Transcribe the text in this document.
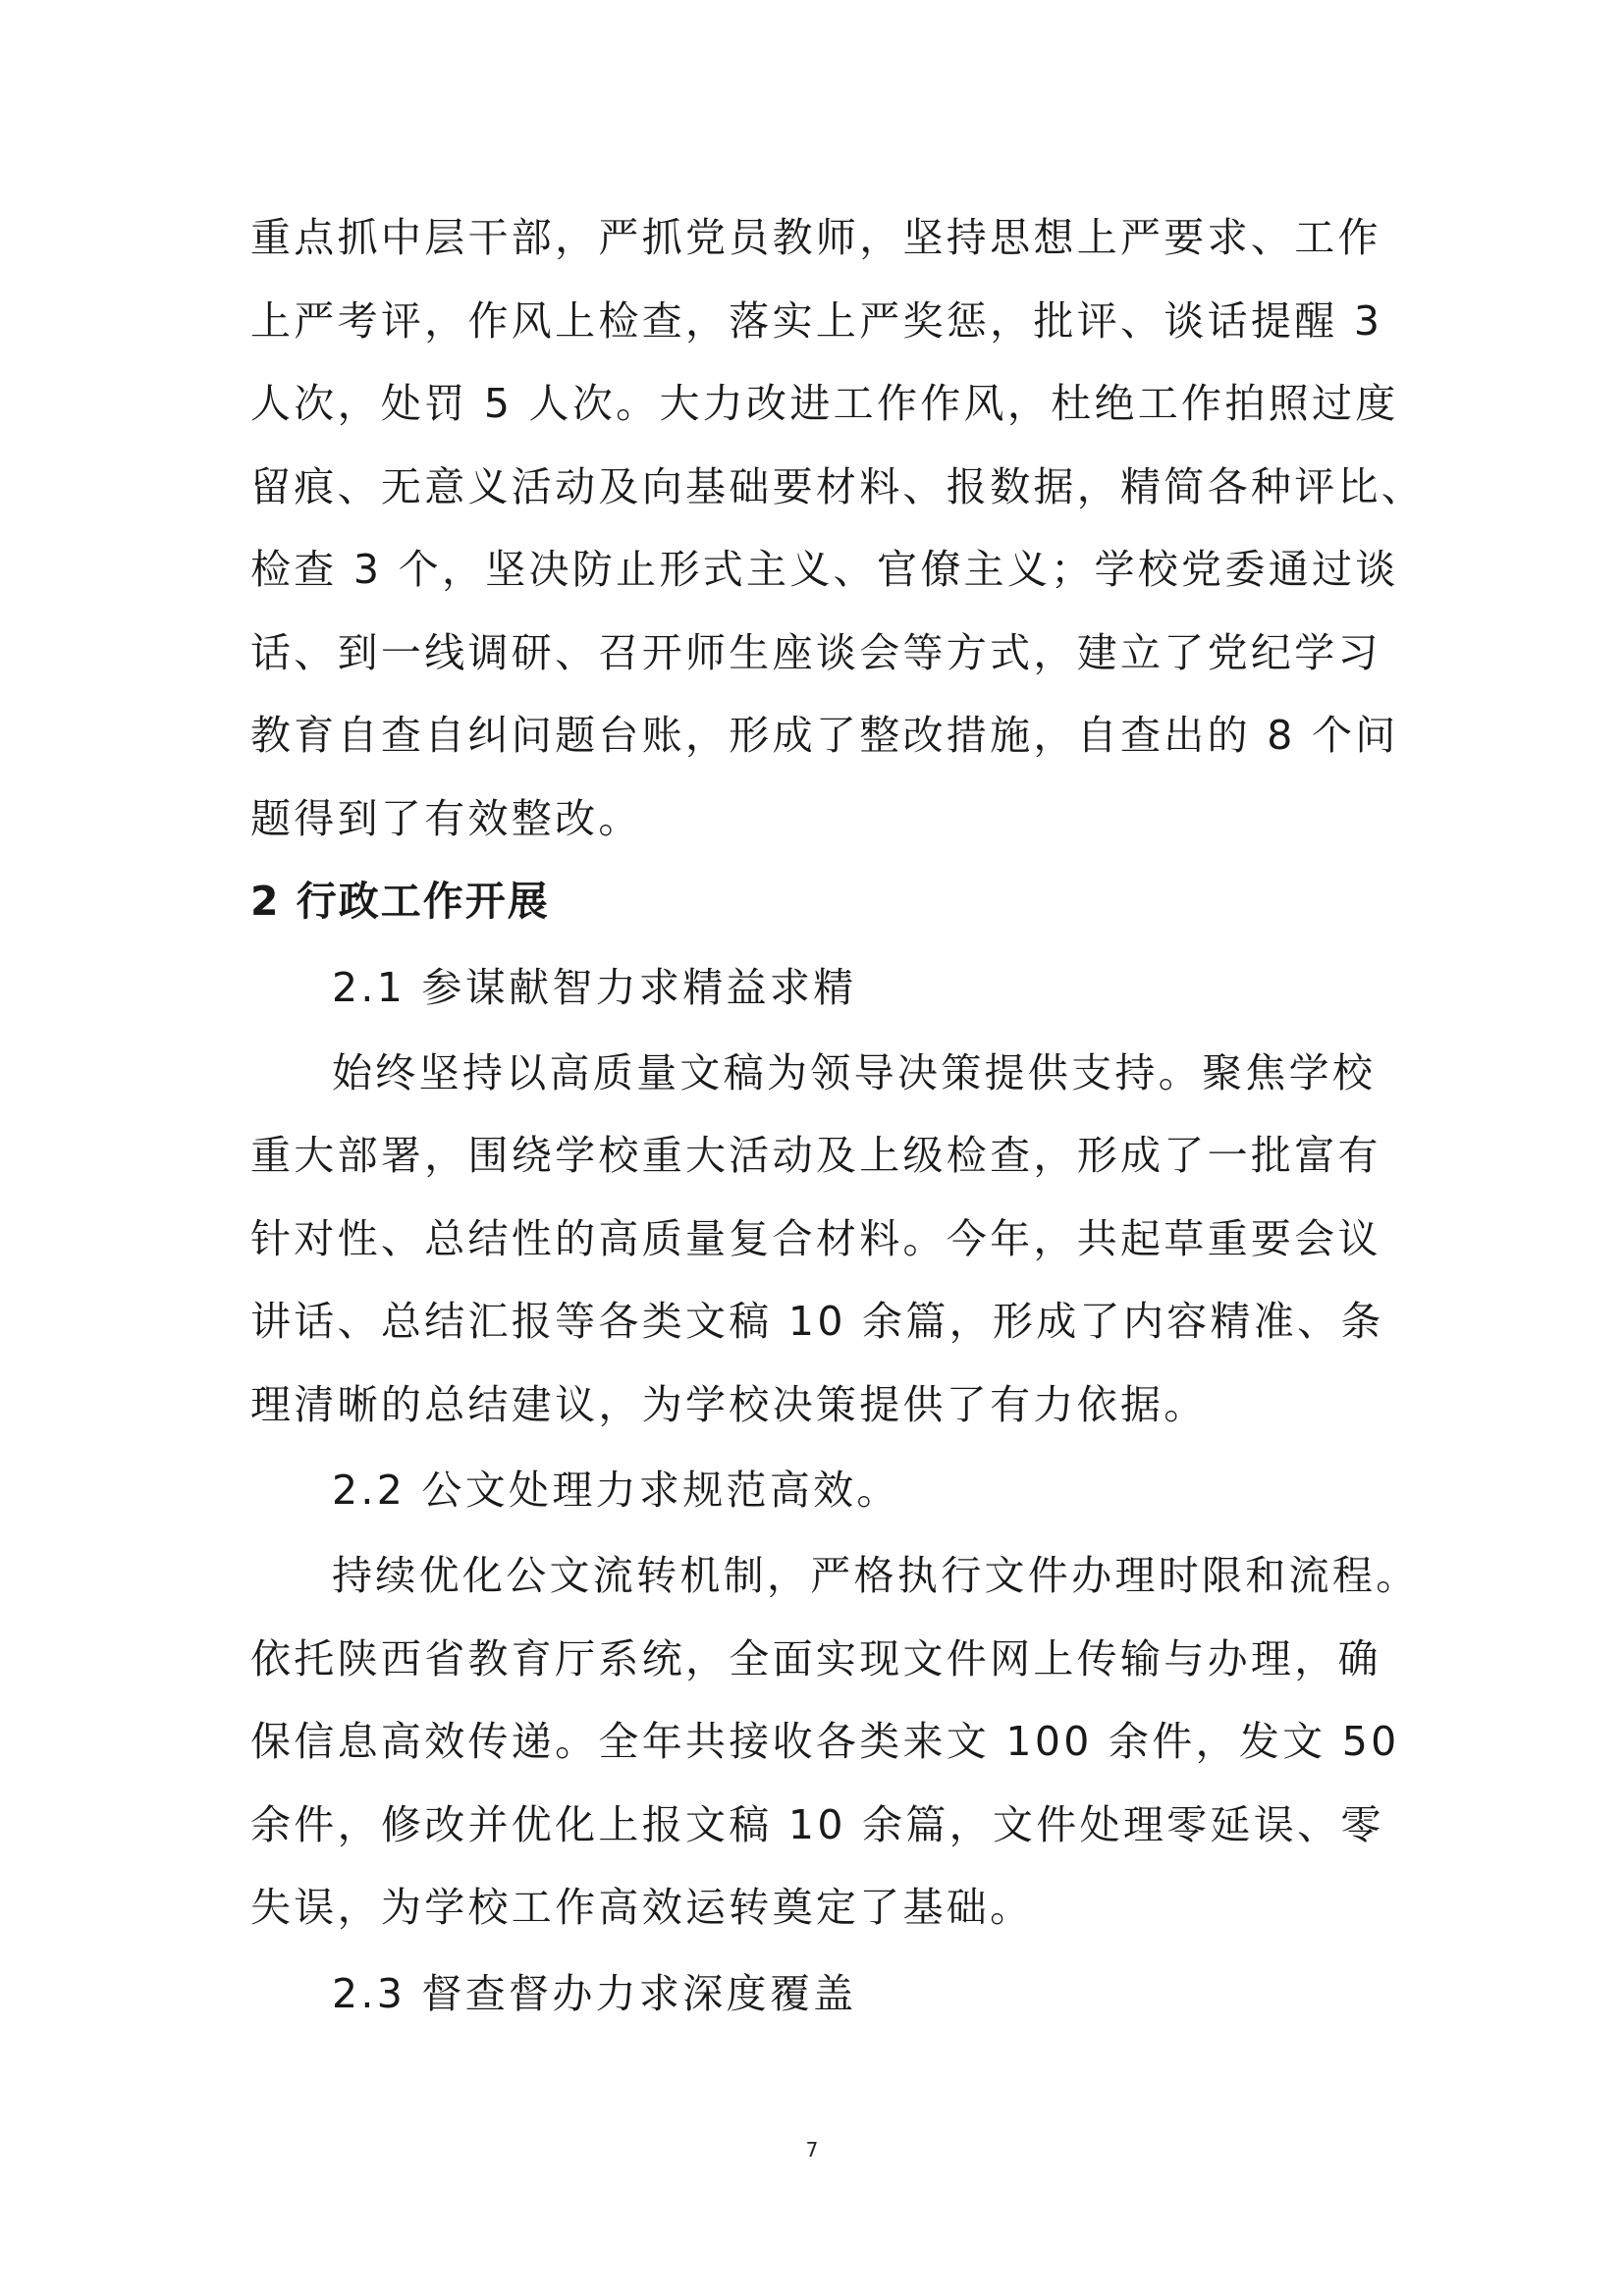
重点抓中层干部，严抓党员教师，坚持思想上严要求、工作
上严考评，作风上检查，落实上严奖惩，批评、谈话提醒 3
人次，处罚 5 人次。大力改进工作作风，杜绝工作拍照过度
留痕、无意义活动及向基础要材料、报数据，精简各种评比、
检查 3 个，坚决防止形式主义、官僚主义；学校党委通过谈
话、到一线调研、召开师生座谈会等方式，建立了党纪学习
教育自查自纠问题台账，形成了整改措施，自查出的 8 个问
题得到了有效整改。
2 行政工作开展
2.1 参谋献智力求精益求精
始终坚持以高质量文稿为领导决策提供支持。聚焦学校
重大部署，围绕学校重大活动及上级检查，形成了一批富有
针对性、总结性的高质量复合材料。今年，共起草重要会议
讲话、总结汇报等各类文稿 10 余篇，形成了内容精准、条
理清晰的总结建议，为学校决策提供了有力依据。
2.2 公文处理力求规范高效。
持续优化公文流转机制，严格执行文件办理时限和流程。
依托陕西省教育厅系统，全面实现文件网上传输与办理，确
保信息高效传递。全年共接收各类来文 100 余件，发文 50
余件，修改并优化上报文稿 10 余篇，文件处理零延误、零
失误，为学校工作高效运转奠定了基础。
2.3 督查督办力求深度覆盖
7
